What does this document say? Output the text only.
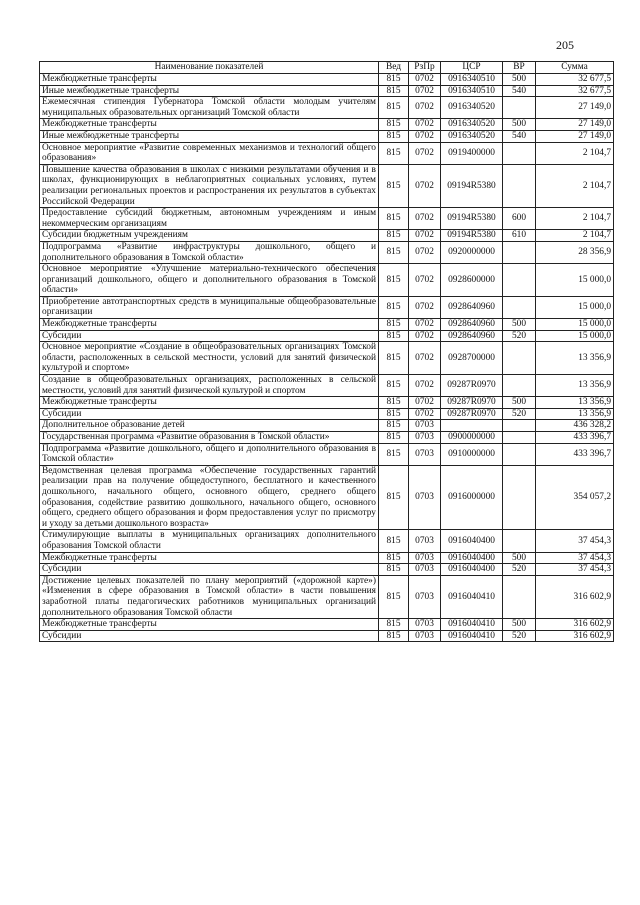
205
Наименование показателей	Вед	РзПр	ЦСР	ВР	Сумма
Межбюджетные трансферты	815	0702	0916340510	500	32 677,5
Иные межбюджетные трансферты	815	0702	0916340510	540	32 677,5
Ежемесячная стипендия Губернатора Томской области молодым учителям муниципальных образовательных организаций Томской области	815	0702	0916340520		27 149,0
Межбюджетные трансферты	815	0702	0916340520	500	27 149,0
Иные межбюджетные трансферты	815	0702	0916340520	540	27 149,0
Основное мероприятие «Развитие современных механизмов и технологий общего образования»	815	0702	0919400000		2 104,7
Повышение качества образования в школах с низкими результатами обучения и в школах, функционирующих в неблагоприятных социальных условиях, путем реализации региональных проектов и распространения их результатов в субъектах Российской Федерации	815	0702	09194R5380		2 104,7
Предоставление субсидий бюджетным, автономным учреждениям и иным некоммерческим организациям	815	0702	09194R5380	600	2 104,7
Субсидии бюджетным учреждениям	815	0702	09194R5380	610	2 104,7
Подпрограмма «Развитие инфраструктуры дошкольного, общего и дополнительного образования в Томской области»	815	0702	0920000000		28 356,9
Основное мероприятие «Улучшение материально-технического обеспечения организаций дошкольного, общего и дополнительного образования в Томской области»	815	0702	0928600000		15 000,0
Приобретение автотранспортных средств в муниципальные общеобразовательные организации	815	0702	0928640960		15 000,0
Межбюджетные трансферты	815	0702	0928640960	500	15 000,0
Субсидии	815	0702	0928640960	520	15 000,0
Основное мероприятие «Создание в общеобразовательных организациях Томской области, расположенных в сельской местности, условий для занятий физической культурой и спортом»	815	0702	0928700000		13 356,9
Создание в общеобразовательных организациях, расположенных в сельской местности, условий для занятий физической культурой и спортом	815	0702	09287R0970		13 356,9
Межбюджетные трансферты	815	0702	09287R0970	500	13 356,9
Субсидии	815	0702	09287R0970	520	13 356,9
Дополнительное образование детей	815	0703			436 328,2
Государственная программа «Развитие образования в Томской области»	815	0703	0900000000		433 396,7
Подпрограмма «Развитие дошкольного, общего и дополнительного образования в Томской области»	815	0703	0910000000		433 396,7
Ведомственная целевая программа «Обеспечение государственных гарантий реализации прав на получение общедоступного, бесплатного и качественного дошкольного, начального общего, основного общего, среднего общего образования, содействие развитию дошкольного, начального общего, основного общего, среднего общего образования и форм предоставления услуг по присмотру и уходу за детьми дошкольного возраста»	815	0703	0916000000		354 057,2
Стимулирующие выплаты в муниципальных организациях дополнительного образования Томской области	815	0703	0916040400		37 454,3
Межбюджетные трансферты	815	0703	0916040400	500	37 454,3
Субсидии	815	0703	0916040400	520	37 454,3
Достижение целевых показателей по плану мероприятий («дорожной карте») «Изменения в сфере образования в Томской области» в части повышения заработной платы педагогических работников муниципальных организаций дополнительного образования Томской области	815	0703	0916040410		316 602,9
Межбюджетные трансферты	815	0703	0916040410	500	316 602,9
Субсидии	815	0703	0916040410	520	316 602,9
